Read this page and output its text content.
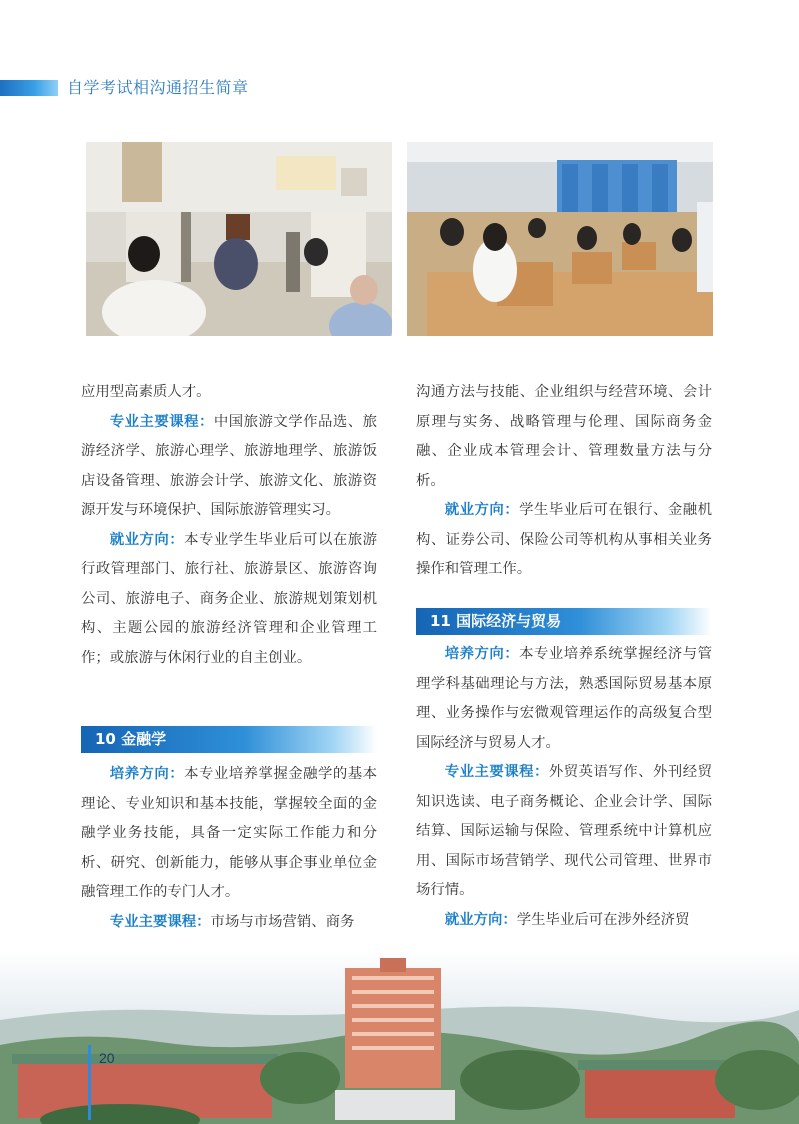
自学考试相沟通招生简章

应用型高素质人才。

专业主要课程：中国旅游文学作品选、旅游经济学、旅游心理学、旅游地理学、旅游饭店设备管理、旅游会计学、旅游文化、旅游资源开发与环境保护、国际旅游管理实习。

就业方向：本专业学生毕业后可以在旅游行政管理部门、旅行社、旅游景区、旅游咨询公司、旅游电子、商务企业、旅游规划策划机构、主题公园的旅游经济管理和企业管理工作；或旅游与休闲行业的自主创业。

10 金融学

培养方向：本专业培养掌握金融学的基本理论、专业知识和基本技能，掌握较全面的金融学业务技能，具备一定实际工作能力和分析、研究、创新能力，能够从事企事业单位金融管理工作的专门人才。

专业主要课程：市场与市场营销、商务

沟通方法与技能、企业组织与经营环境、会计原理与实务、战略管理与伦理、国际商务金融、企业成本管理会计、管理数量方法与分析。

就业方向：学生毕业后可在银行、金融机构、证券公司、保险公司等机构从事相关业务操作和管理工作。

11 国际经济与贸易

培养方向：本专业培养系统掌握经济与管理学科基础理论与方法，熟悉国际贸易基本原理、业务操作与宏微观管理运作的高级复合型国际经济与贸易人才。

专业主要课程：外贸英语写作、外刊经贸知识选读、电子商务概论、企业会计学、国际结算、国际运输与保险、管理系统中计算机应用、国际市场营销学、现代公司管理、世界市场行情。

就业方向：学生毕业后可在涉外经济贸

20
